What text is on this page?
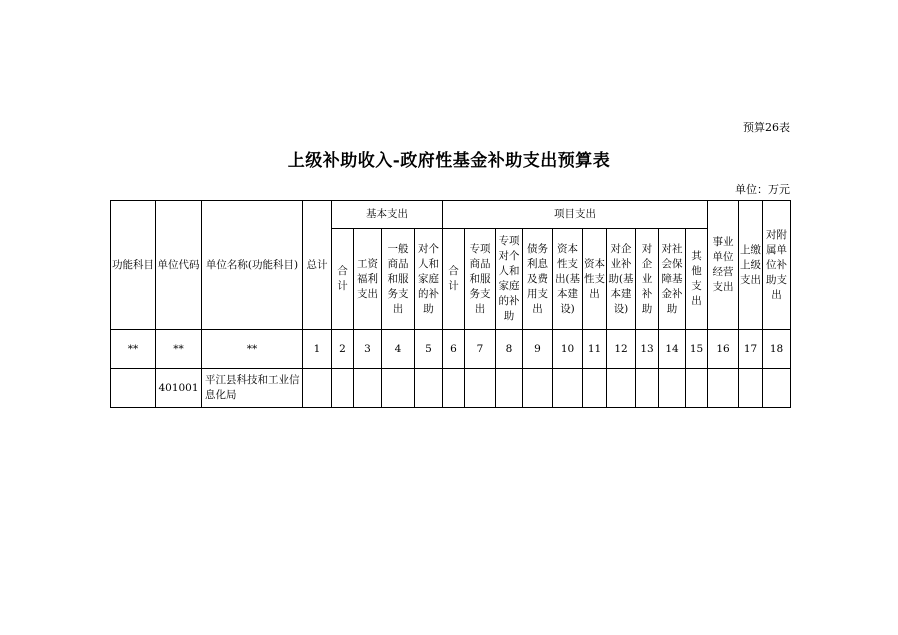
预算26表
上级补助收入-政府性基金补助支出预算表
单位：万元
功能科目	单位代码	单位名称(功能科目)	总计	基本支出				项目支出										事业单位经营支出	上缴上级支出	对附属单位补助支出
				合计	工资福利支出	一般商品和服务支出	对个人和家庭的补助	合计	专项商品和服务支出	专项对个人和家庭的补助	债务利息及费用支出	资本性支出(基本建设)	资本性支出	对企业补助(基本建设)	对企业补助	对社会保障基金补助	其他支出			
**	**	**	1	2	3	4	5	6	7	8	9	10	11	12	13	14	15	16	17	18
	401001	平江县科技和工业信息化局																		
